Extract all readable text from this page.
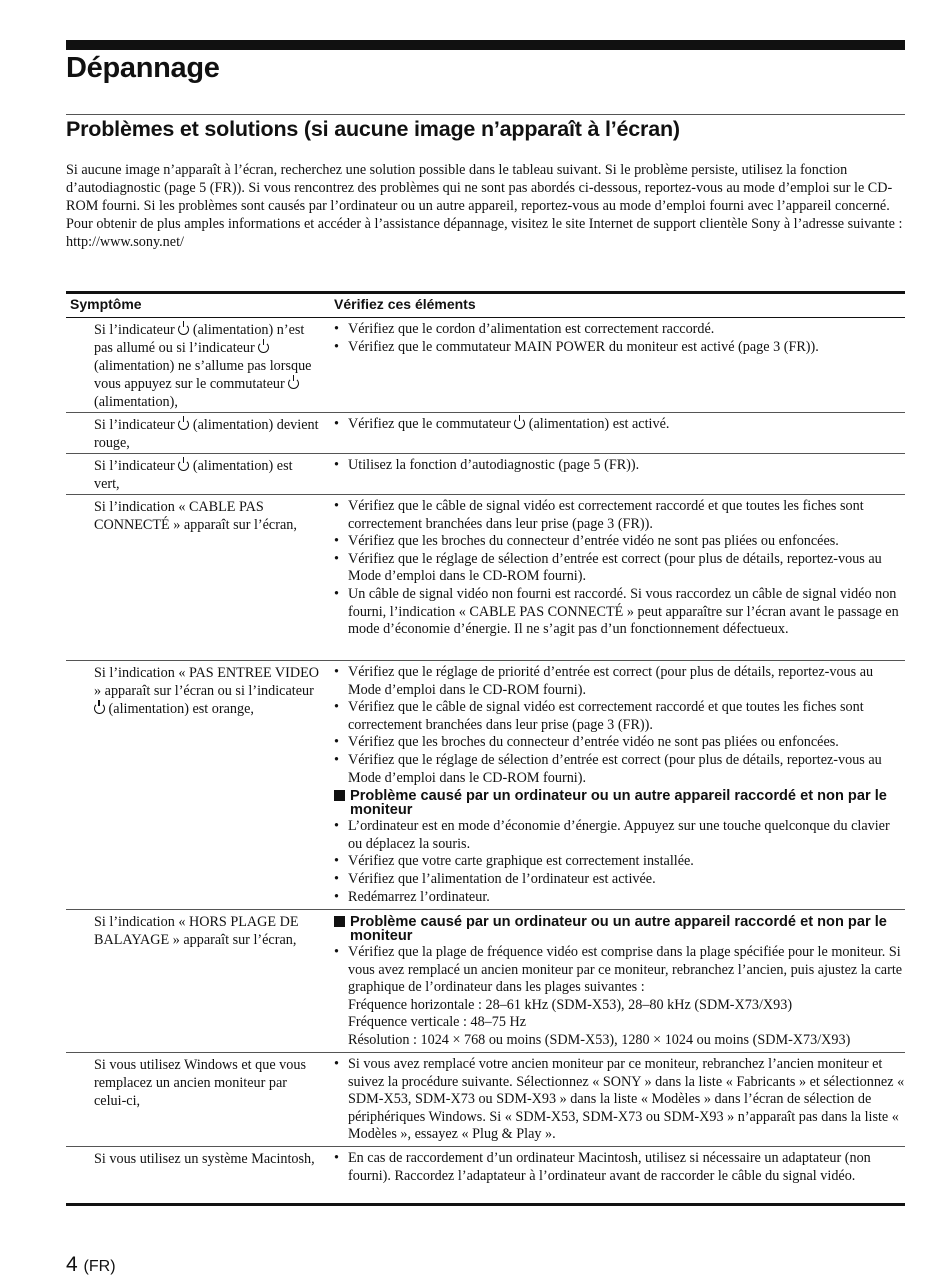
Dépannage
Problèmes et solutions (si aucune image n’apparaît à l’écran)

Si aucune image n’apparaît à l’écran, recherchez une solution possible dans le tableau suivant. Si le problème persiste, utilisez la fonction d’autodiagnostic (page 5 (FR)). Si vous rencontrez des problèmes qui ne sont pas abordés ci-dessous, reportez-vous au mode d’emploi sur le CD-ROM fourni. Si les problèmes sont causés par l’ordinateur ou un autre appareil, reportez-vous au mode d’emploi fourni avec l’appareil concerné.

Pour obtenir de plus amples informations et accéder à l’assistance dépannage, visitez le site Internet de support clientèle Sony à l’adresse suivante : http://www.sony.net/

Symptôme	Vérifiez ces éléments
Si l’indicateur  (alimentation) n’est pas allumé ou si l’indicateur  (alimentation) ne s’allume pas lorsque vous appuyez sur le commutateur  (alimentation),
• Vérifiez que le cordon d’alimentation est correctement raccordé.
• Vérifiez que le commutateur MAIN POWER du moniteur est activé (page 3 (FR)).
Si l’indicateur  (alimentation) devient rouge,
• Vérifiez que le commutateur  (alimentation) est activé.
Si l’indicateur  (alimentation) est vert,
• Utilisez la fonction d’autodiagnostic (page 5 (FR)).
Si l’indication « CABLE PAS CONNECTÉ » apparaît sur l’écran,
• Vérifiez que le câble de signal vidéo est correctement raccordé et que toutes les fiches sont correctement branchées dans leur prise (page 3 (FR)).
• Vérifiez que les broches du connecteur d’entrée vidéo ne sont pas pliées ou enfoncées.
• Vérifiez que le réglage de sélection d’entrée est correct (pour plus de détails, reportez-vous au Mode d’emploi dans le CD-ROM fourni).
• Un câble de signal vidéo non fourni est raccordé. Si vous raccordez un câble de signal vidéo non fourni, l’indication « CABLE PAS CONNECTÉ » peut apparaître sur l’écran avant le passage en mode d’économie d’énergie. Il ne s’agit pas d’un fonctionnement défectueux.
Si l’indication « PAS ENTREE VIDEO » apparaît sur l’écran ou si l’indicateur  (alimentation) est orange,
• Vérifiez que le réglage de priorité d’entrée est correct (pour plus de détails, reportez-vous au Mode d’emploi dans le CD-ROM fourni).
• Vérifiez que le câble de signal vidéo est correctement raccordé et que toutes les fiches sont correctement branchées dans leur prise (page 3 (FR)).
• Vérifiez que les broches du connecteur d’entrée vidéo ne sont pas pliées ou enfoncées.
• Vérifiez que le réglage de sélection d’entrée est correct (pour plus de détails, reportez-vous au Mode d’emploi dans le CD-ROM fourni).
Problème causé par un ordinateur ou un autre appareil raccordé et non par le moniteur
• L’ordinateur est en mode d’économie d’énergie. Appuyez sur une touche quelconque du clavier ou déplacez la souris.
• Vérifiez que votre carte graphique est correctement installée.
• Vérifiez que l’alimentation de l’ordinateur est activée.
• Redémarrez l’ordinateur.
Si l’indication « HORS PLAGE DE BALAYAGE » apparaît sur l’écran,
Problème causé par un ordinateur ou un autre appareil raccordé et non par le moniteur
• Vérifiez que la plage de fréquence vidéo est comprise dans la plage spécifiée pour le moniteur. Si vous avez remplacé un ancien moniteur par ce moniteur, rebranchez l’ancien, puis ajustez la carte graphique de l’ordinateur dans les plages suivantes :
Fréquence horizontale : 28–61 kHz (SDM-X53), 28–80 kHz (SDM-X73/X93)
Fréquence verticale : 48–75 Hz
Résolution : 1024 × 768 ou moins (SDM-X53), 1280 × 1024 ou moins (SDM-X73/X93)
Si vous utilisez Windows et que vous remplacez un ancien moniteur par celui-ci,
• Si vous avez remplacé votre ancien moniteur par ce moniteur, rebranchez l’ancien moniteur et suivez la procédure suivante. Sélectionnez « SONY » dans la liste « Fabricants » et sélectionnez « SDM-X53, SDM-X73 ou SDM-X93 » dans la liste « Modèles » dans l’écran de sélection de périphériques Windows. Si « SDM-X53, SDM-X73 ou SDM-X93 » n’apparaît pas dans la liste « Modèles », essayez « Plug & Play ».
Si vous utilisez un système Macintosh,
•	En cas de raccordement d’un ordinateur Macintosh, utilisez si nécessaire un adaptateur (non fourni). Raccordez l’adaptateur à l’ordinateur avant de raccorder le câble du signal vidéo.
4 (FR)
